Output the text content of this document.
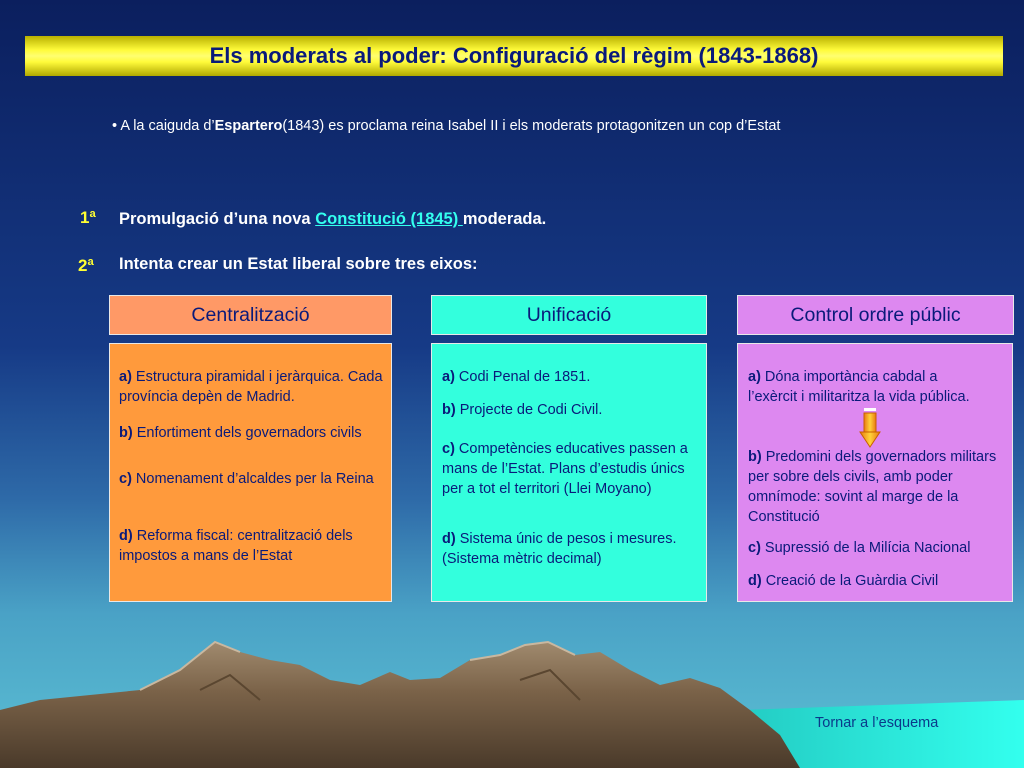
Els moderats al poder: Configuració del règim (1843-1868)
• A la caiguda d’Espartero(1843) es proclama reina Isabel II i els moderats protagonitzen un cop d’Estat
1ª Promulgació d’una nova Constitució (1845) moderada.
2ª Intenta crear un Estat liberal sobre tres eixos:
Centralització	Unificació	Control ordre públic

a) Estructura piramidal i jeràrquica. Cada província depèn de Madrid.

b) Enfortiment dels governadors civils

c) Nomenament d’alcaldes per la Reina

d) Reforma fiscal: centralització dels impostos a mans de l’Estat

a) Codi Penal de 1851.

b) Projecte de Codi Civil.

c) Competències educatives passen a mans de l’Estat. Plans d’estudis únics per a tot el territori (Llei Moyano)

d) Sistema únic de pesos i mesures. (Sistema mètric decimal)

a) Dóna importància cabdal a l’exèrcit i militaritza la vida pública.

b) Predomini dels governadors militars per sobre dels civils, amb poder omnímode: sovint al marge de la Constitució

c) Supressió de la Milícia Nacional

d) Creació de la Guàrdia Civil

Tornar a l’esquema
